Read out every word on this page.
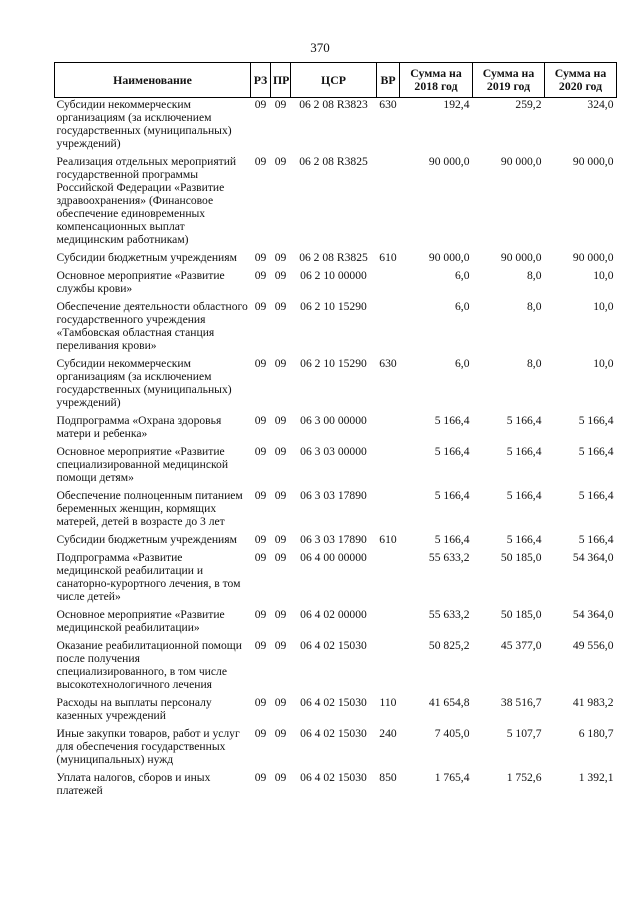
370
Наименование	РЗ	ПР	ЦСР	ВР	Сумма на 2018 год	Сумма на 2019 год	Сумма на 2020 год
Субсидии некоммерческим организациям (за исключением государственных (муниципальных) учреждений)	09	09	06 2 08 R3823	630	192,4	259,2	324,0
Реализация отдельных мероприятий государственной программы Российской Федерации «Развитие здравоохранения» (Финансовое обеспечение единовременных компенсационных выплат медицинским работникам)	09	09	06 2 08 R3825		90 000,0	90 000,0	90 000,0
Субсидии бюджетным учреждениям	09	09	06 2 08 R3825	610	90 000,0	90 000,0	90 000,0
Основное мероприятие «Развитие службы крови»	09	09	06 2 10 00000		6,0	8,0	10,0
Обеспечение деятельности областного государственного учреждения «Тамбовская областная станция переливания крови»	09	09	06 2 10 15290		6,0	8,0	10,0
Субсидии некоммерческим организациям (за исключением государственных (муниципальных) учреждений)	09	09	06 2 10 15290	630	6,0	8,0	10,0
Подпрограмма «Охрана здоровья матери и ребенка»	09	09	06 3 00 00000		5 166,4	5 166,4	5 166,4
Основное мероприятие «Развитие специализированной медицинской помощи детям»	09	09	06 3 03 00000		5 166,4	5 166,4	5 166,4
Обеспечение полноценным питанием беременных женщин, кормящих матерей, детей в возрасте до 3 лет	09	09	06 3 03 17890		5 166,4	5 166,4	5 166,4
Субсидии бюджетным учреждениям	09	09	06 3 03 17890	610	5 166,4	5 166,4	5 166,4
Подпрограмма «Развитие медицинской реабилитации и санаторно-курортного лечения, в том числе детей»	09	09	06 4 00 00000		55 633,2	50 185,0	54 364,0
Основное мероприятие «Развитие медицинской реабилитации»	09	09	06 4 02 00000		55 633,2	50 185,0	54 364,0
Оказание реабилитационной помощи после получения специализированного, в том числе высокотехнологичного лечения	09	09	06 4 02 15030		50 825,2	45 377,0	49 556,0
Расходы на выплаты персоналу казенных учреждений	09	09	06 4 02 15030	110	41 654,8	38 516,7	41 983,2
Иные закупки товаров, работ и услуг для обеспечения государственных (муниципальных) нужд	09	09	06 4 02 15030	240	7 405,0	5 107,7	6 180,7
Уплата налогов, сборов и иных платежей	09	09	06 4 02 15030	850	1 765,4	1 752,6	1 392,1
